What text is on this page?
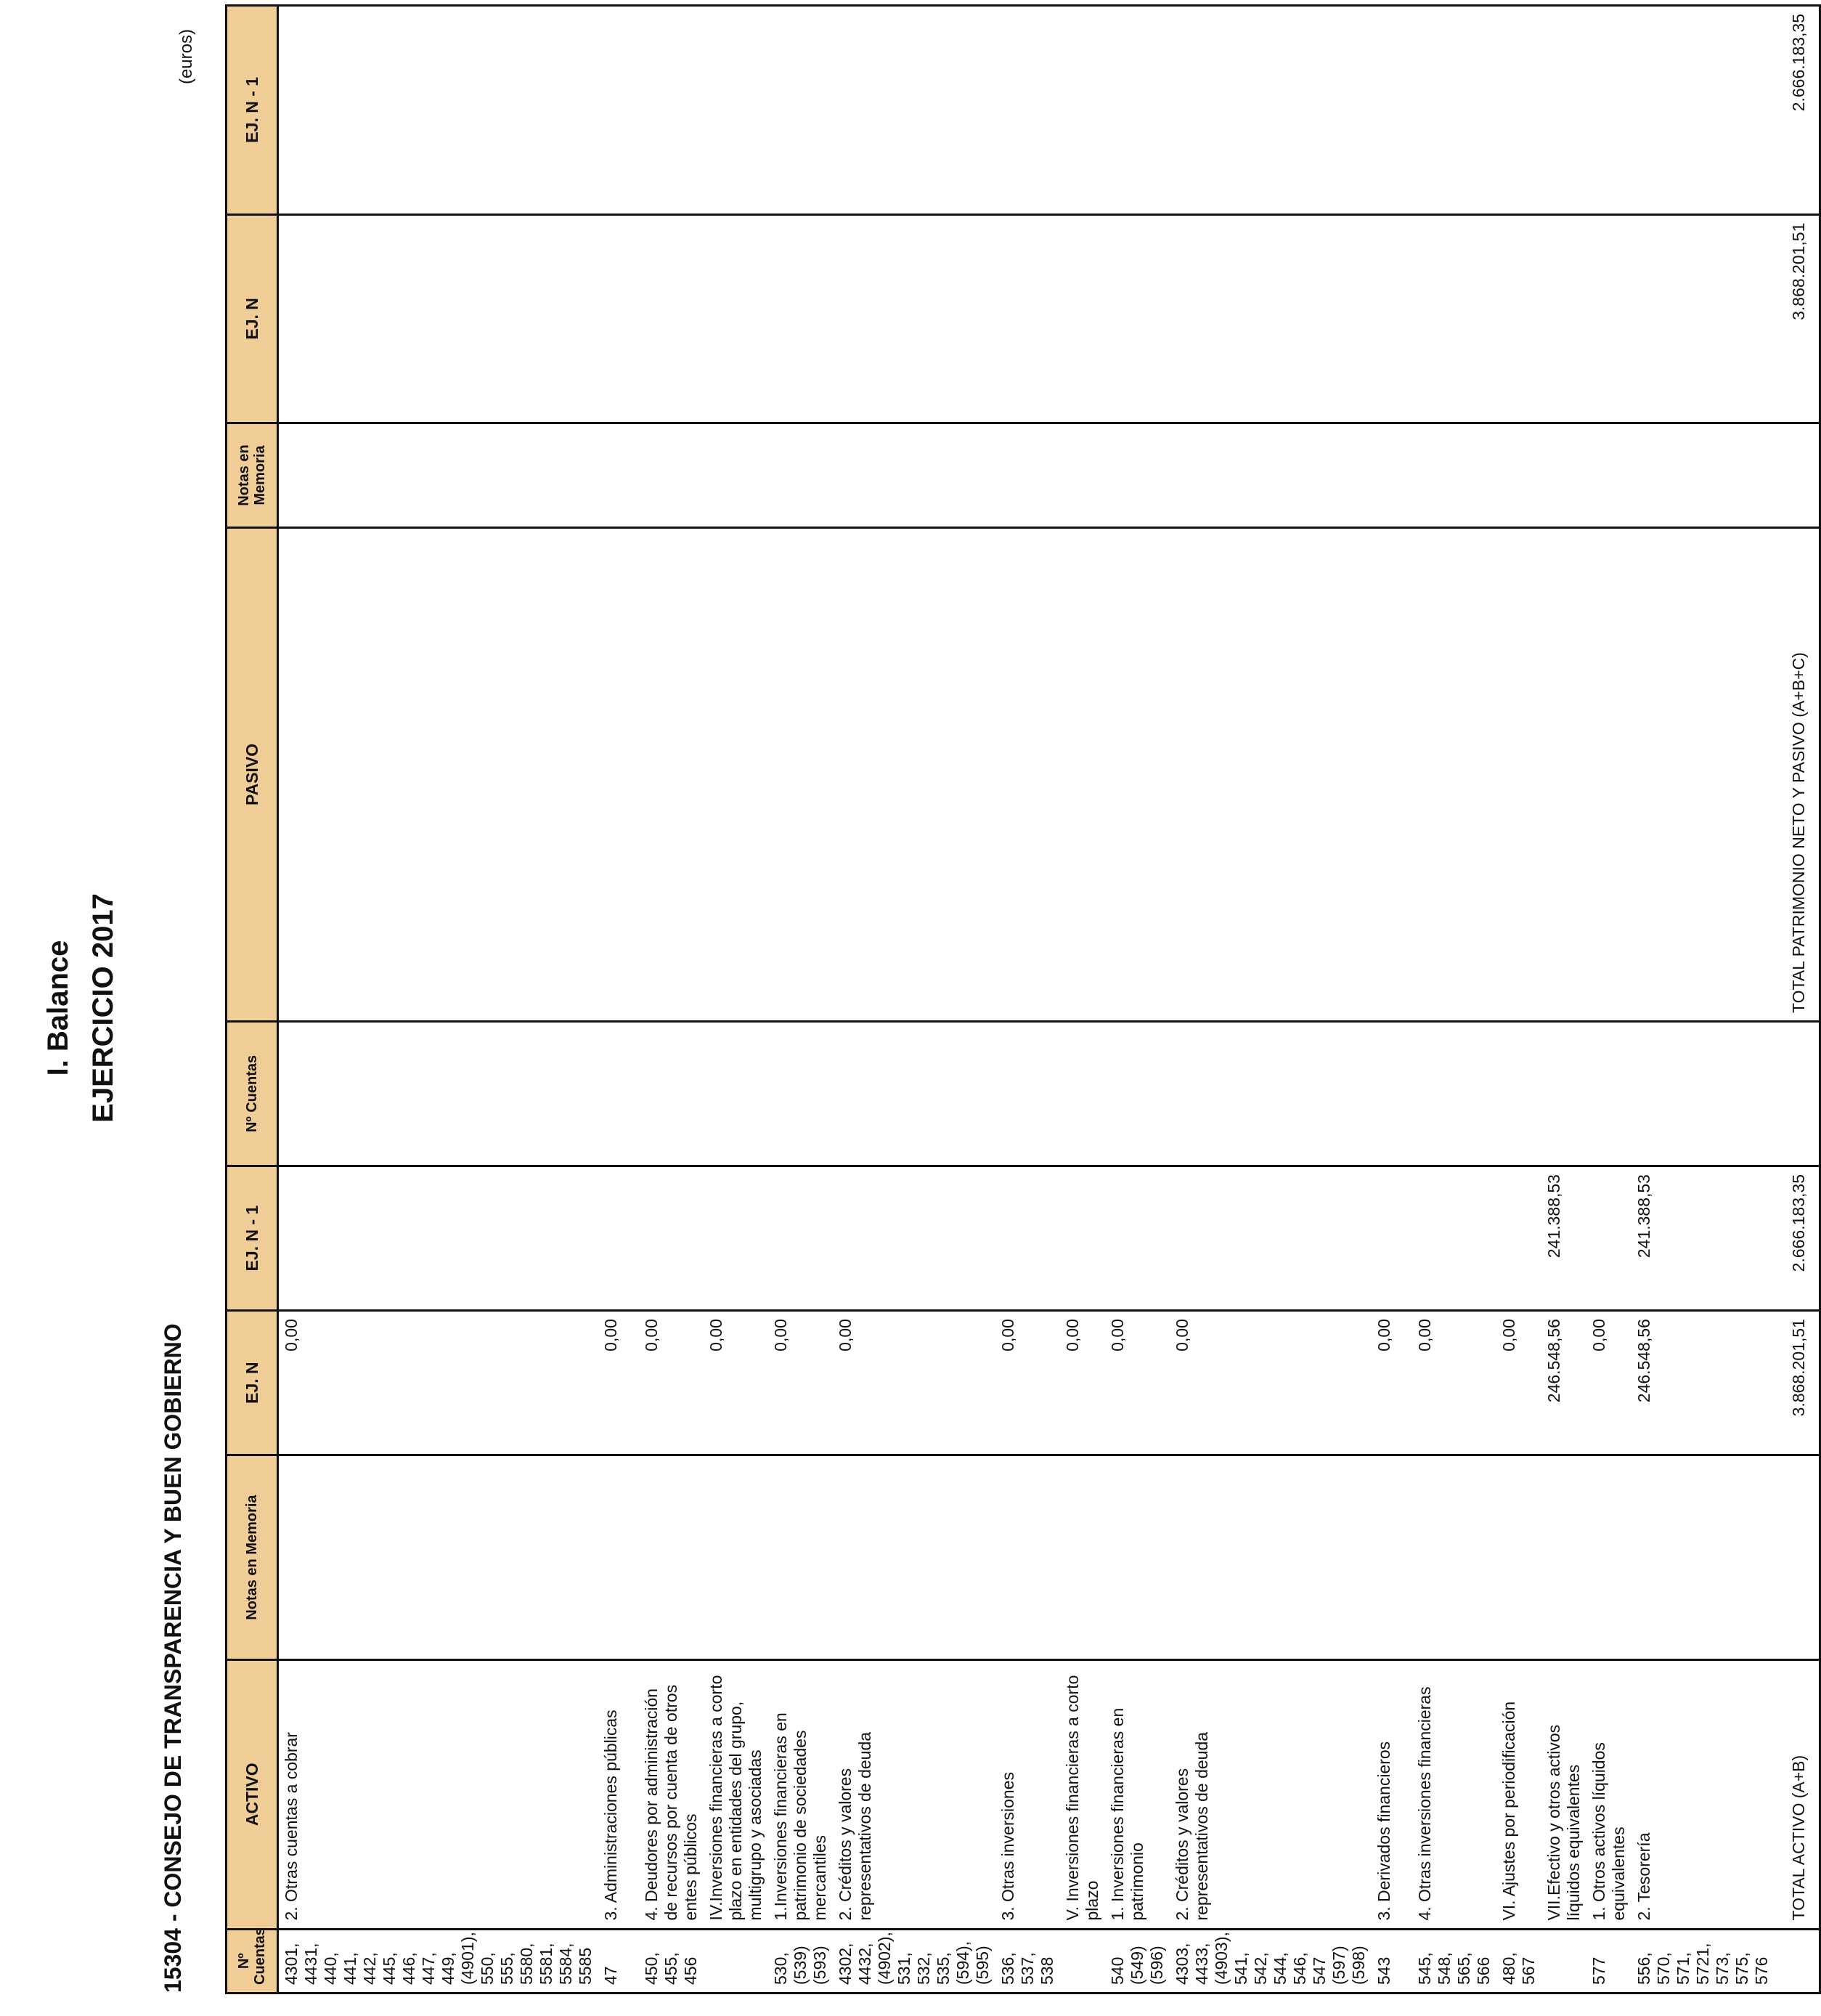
I. Balance EJERCICIO 2017
15304 - CONSEJO DE TRANSPARENCIA Y BUEN GOBIERNO
(euros)
Nº Cuentas	ACTIVO	Notas en Memoria	EJ. N	EJ. N - 1	Nº Cuentas	PASIVO	Notas en Memoria	EJ. N	EJ. N - 1
4301, 4431, 440, 441, 442, 445, 446, 447, 449, (4901), 550, 555, 5580, 5581, 5584, 5585	2. Otras cuentas a cobrar		0,00						
47	3. Administraciones públicas		0,00						
450, 455, 456	4. Deudores por administración de recursos por cuenta de otros entes públicos		0,00						
	IV.Inversiones financieras a corto plazo en entidades del grupo, multigrupo y asociadas		0,00						
530, (539) (593)	1.Inversiones financieras en patrimonio de sociedades mercantiles		0,00						
4302, 4432, (4902), 531, 532, 535, (594), (595)	2. Créditos y valores representativos de deuda		0,00						
536, 537, 538	3. Otras inversiones		0,00						
	V. Inversiones financieras a corto plazo		0,00						
540 (549) (596)	1. Inversiones financieras en patrimonio		0,00						
4303, 4433, (4903), 541, 542, 544, 546, 547 (597) (598)	2. Créditos y valores representativos de deuda		0,00						
543	3. Derivados financieros		0,00						
545, 548, 565, 566	4. Otras inversiones financieras		0,00						
480, 567	VI. Ajustes por periodificación		0,00						
	VII.Efectivo y otros activos líquidos equivalentes		246.548,56	241.388,53					
577	1. Otros activos líquidos equivalentes		0,00						
556, 570, 571, 5721, 573, 575, 576	2. Tesorería		246.548,56	241.388,53					
	TOTAL ACTIVO (A+B)		3.868.201,51	2.666.183,35		TOTAL PATRIMONIO NETO Y PASIVO (A+B+C)		3.868.201,51	2.666.183,35
